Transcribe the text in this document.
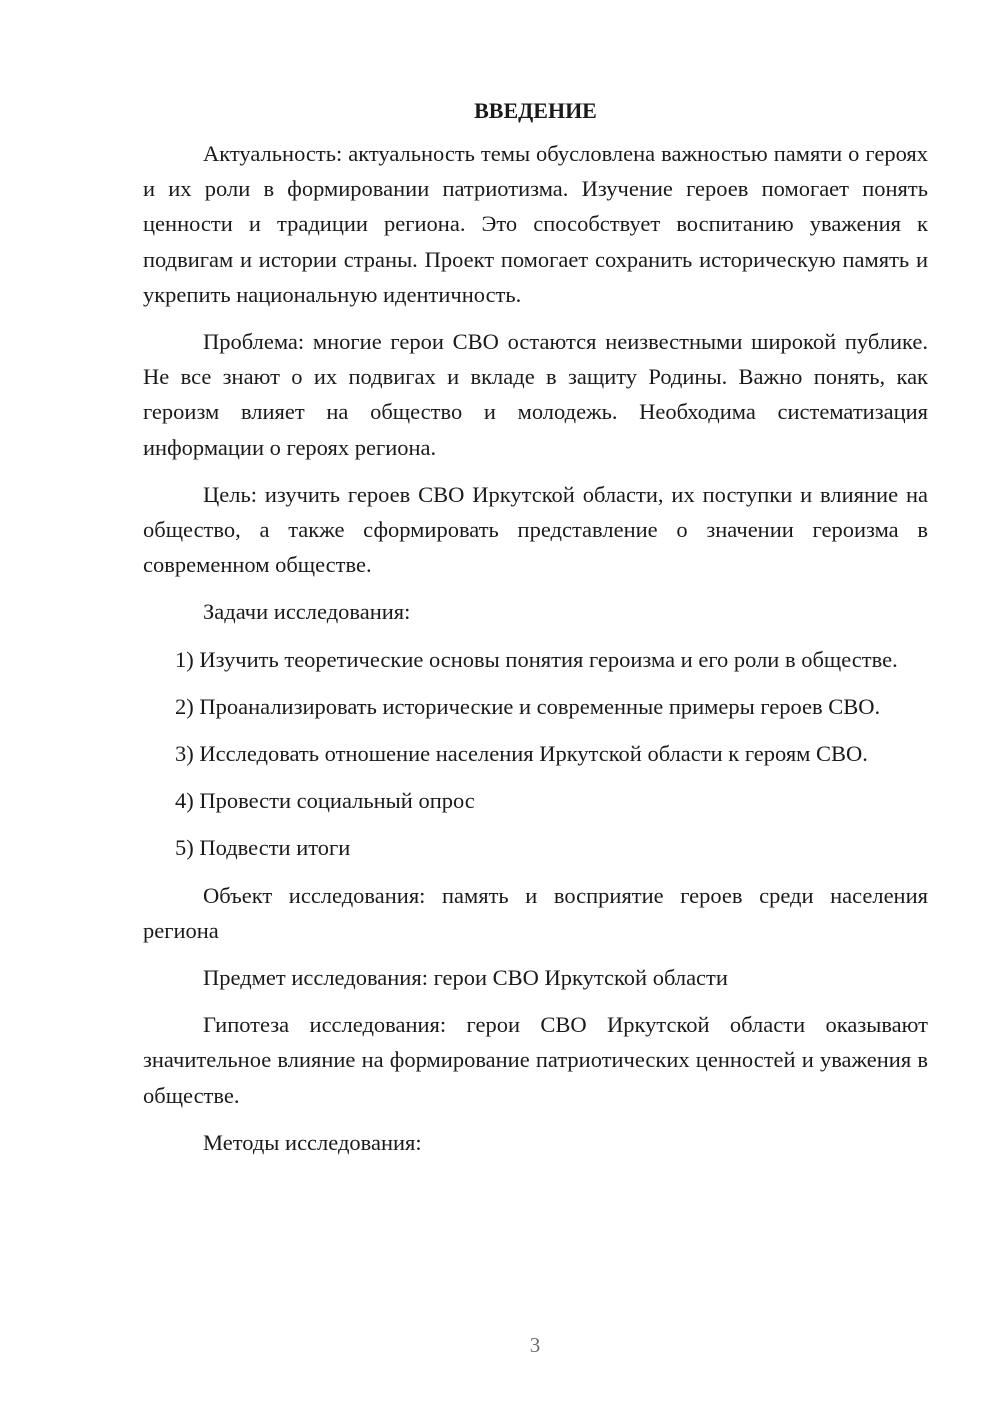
ВВЕДЕНИЕ

Актуальность: актуальность темы обусловлена важностью памяти о героях и их роли в формировании патриотизма. Изучение героев помогает понять ценности и традиции региона. Это способствует воспитанию уважения к подвигам и истории страны. Проект помогает сохранить историческую память и укрепить национальную идентичность.

Проблема: многие герои СВО остаются неизвестными широкой публике. Не все знают о их подвигах и вкладе в защиту Родины. Важно понять, как героизм влияет на общество и молодежь. Необходима систематизация информации о героях региона.

Цель: изучить героев СВО Иркутской области, их поступки и влияние на общество, а также сформировать представление о значении героизма в современном обществе.

Задачи исследования:

1) Изучить теоретические основы понятия героизма и его роли в обществе.

2) Проанализировать исторические и современные примеры героев СВО.

3) Исследовать отношение населения Иркутской области к героям СВО.

4) Провести социальный опрос

5) Подвести итоги

Объект исследования: память и восприятие героев среди населения региона

Предмет исследования: герои СВО Иркутской области

Гипотеза исследования: герои СВО Иркутской области оказывают значительное влияние на формирование патриотических ценностей и уважения в обществе.

Методы исследования:

3
